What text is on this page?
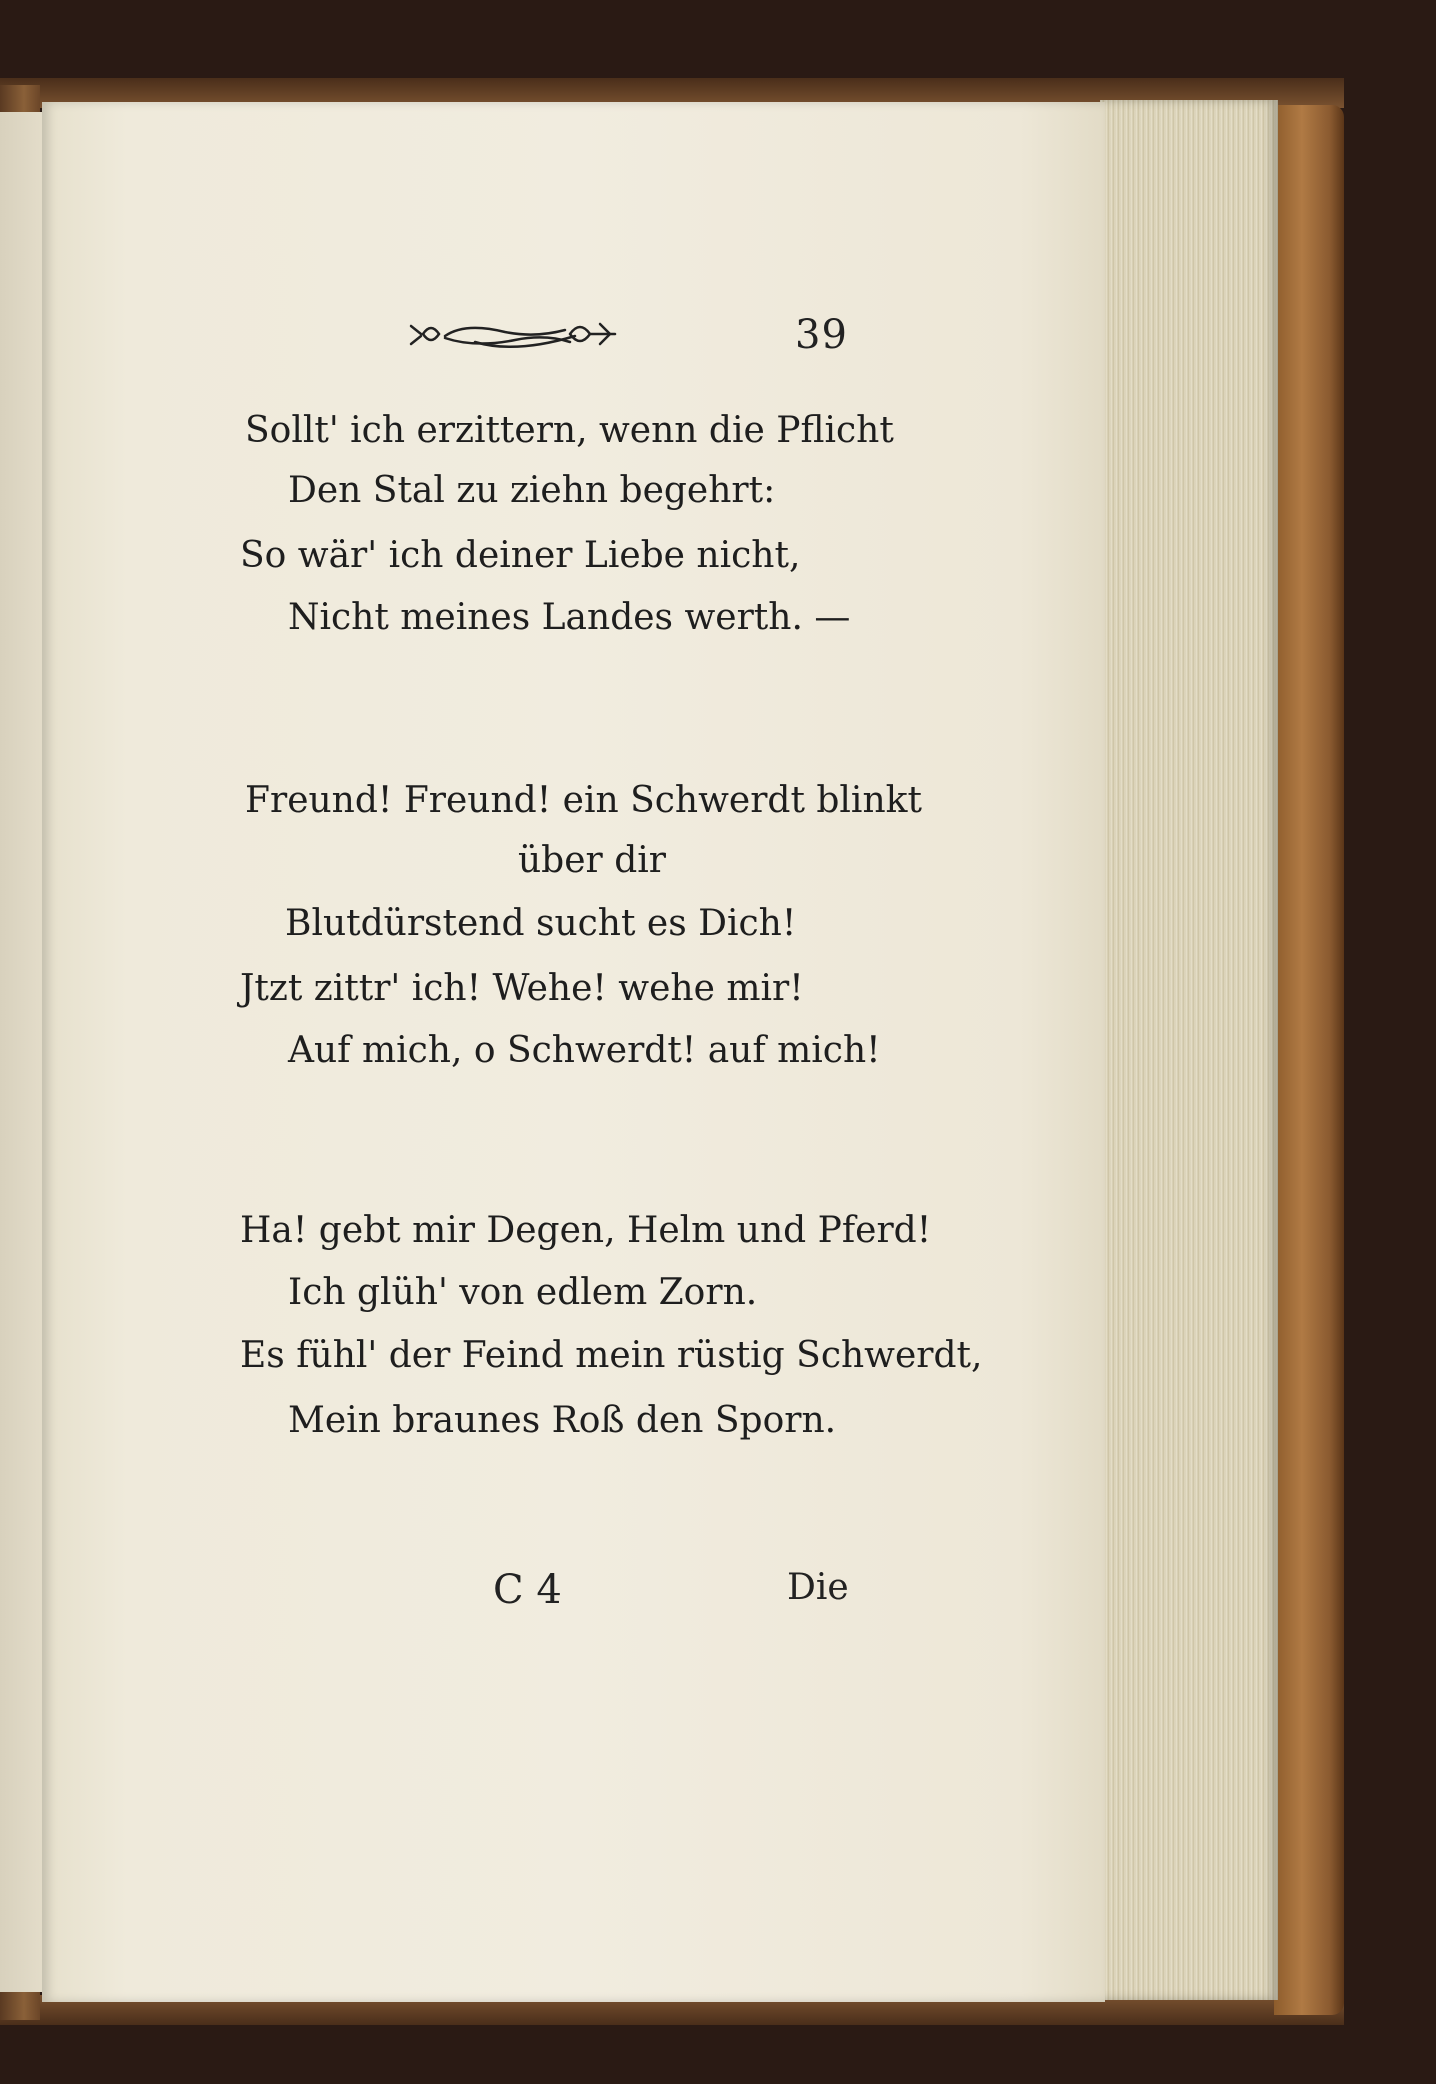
39
Sollt' ich erzittern, wenn die Pflicht
Den Stal zu ziehn begehrt:
So wär' ich deiner Liebe nicht,
Nicht meines Landes werth. —
Freund! Freund! ein Schwerdt blinkt
über dir
Blutdürstend sucht es Dich!
Jtzt zittr' ich! Wehe! wehe mir!
Auf mich, o Schwerdt! auf mich!
Ha! gebt mir Degen, Helm und Pferd!
Ich glüh' von edlem Zorn.
Es fühl' der Feind mein rüstig Schwerdt,
Mein braunes Roß den Sporn.
C 4	Die
